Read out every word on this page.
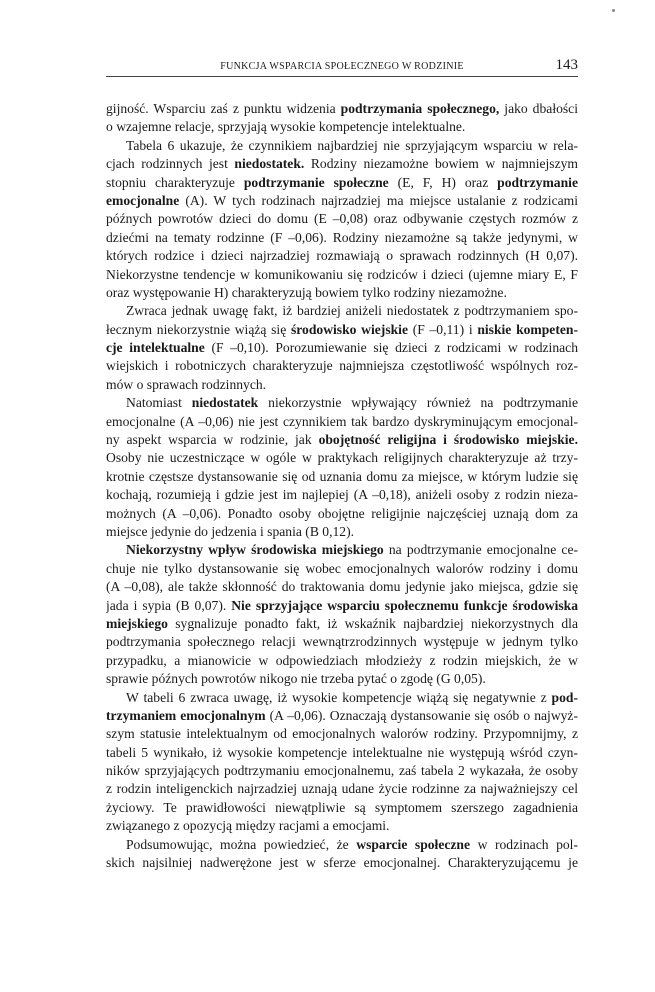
FUNKCJA WSPARCIA SPOŁECZNEGO W RODZINIE	143
gijność. Wsparciu zaś z punktu widzenia podtrzymania społecznego, jako dbałości
o wzajemne relacje, sprzyjają wysokie kompetencje intelektualne.
Tabela 6 ukazuje, że czynnikiem najbardziej nie sprzyjającym wsparciu w rela-
cjach rodzinnych jest niedostatek. Rodziny niezamożne bowiem w najmniejszym
stopniu charakteryzuje podtrzymanie społeczne (E, F, H) oraz podtrzymanie
emocjonalne (A). W tych rodzinach najrzadziej ma miejsce ustalanie z rodzicami
późnych powrotów dzieci do domu (E –0,08) oraz odbywanie częstych rozmów z
dziećmi na tematy rodzinne (F –0,06). Rodziny niezamożne są także jedynymi, w
których rodzice i dzieci najrzadziej rozmawiają o sprawach rodzinnych (H 0,07).
Niekorzystne tendencje w komunikowaniu się rodziców i dzieci (ujemne miary E, F
oraz występowanie H) charakteryzują bowiem tylko rodziny niezamożne.
Zwraca jednak uwagę fakt, iż bardziej aniżeli niedostatek z podtrzymaniem spo-
łecznym niekorzystnie wiążą się środowisko wiejskie (F –0,11) i niskie kompeten-
cje intelektualne (F –0,10). Porozumiewanie się dzieci z rodzicami w rodzinach
wiejskich i robotniczych charakteryzuje najmniejsza częstotliwość wspólnych roz-
mów o sprawach rodzinnych.
Natomiast niedostatek niekorzystnie wpływający również na podtrzymanie
emocjonalne (A –0,06) nie jest czynnikiem tak bardzo dyskryminującym emocjonal-
ny aspekt wsparcia w rodzinie, jak obojętność religijna i środowisko miejskie.
Osoby nie uczestniczące w ogóle w praktykach religijnych charakteryzuje aż trzy-
krotnie częstsze dystansowanie się od uznania domu za miejsce, w którym ludzie się
kochają, rozumieją i gdzie jest im najlepiej (A –0,18), aniżeli osoby z rodzin nieza-
możnych (A –0,06). Ponadto osoby obojętne religijnie najczęściej uznają dom za
miejsce jedynie do jedzenia i spania (B 0,12).
Niekorzystny wpływ środowiska miejskiego na podtrzymanie emocjonalne ce-
chuje nie tylko dystansowanie się wobec emocjonalnych walorów rodziny i domu
(A –0,08), ale także skłonność do traktowania domu jedynie jako miejsca, gdzie się
jada i sypia (B 0,07). Nie sprzyjające wsparciu społecznemu funkcje środowiska
miejskiego sygnalizuje ponadto fakt, iż wskaźnik najbardziej niekorzystnych dla
podtrzymania społecznego relacji wewnątrzrodzinnych występuje w jednym tylko
przypadku, a mianowicie w odpowiedziach młodzieży z rodzin miejskich, że w
sprawie późnych powrotów nikogo nie trzeba pytać o zgodę (G 0,05).
W tabeli 6 zwraca uwagę, iż wysokie kompetencje wiążą się negatywnie z pod-
trzymaniem emocjonalnym (A –0,06). Oznaczają dystansowanie się osób o najwyż-
szym statusie intelektualnym od emocjonalnych walorów rodziny. Przypomnijmy, z
tabeli 5 wynikało, iż wysokie kompetencje intelektualne nie występują wśród czyn-
ników sprzyjających podtrzymaniu emocjonalnemu, zaś tabela 2 wykazała, że osoby
z rodzin inteligenckich najrzadziej uznają udane życie rodzinne za najważniejszy cel
życiowy. Te prawidłowości niewątpliwie są symptomem szerszego zagadnienia
związanego z opozycją między racjami a emocjami.
Podsumowując, można powiedzieć, że wsparcie społeczne w rodzinach pol-
skich najsilniej nadwerężone jest w sferze emocjonalnej. Charakteryzującemu je
